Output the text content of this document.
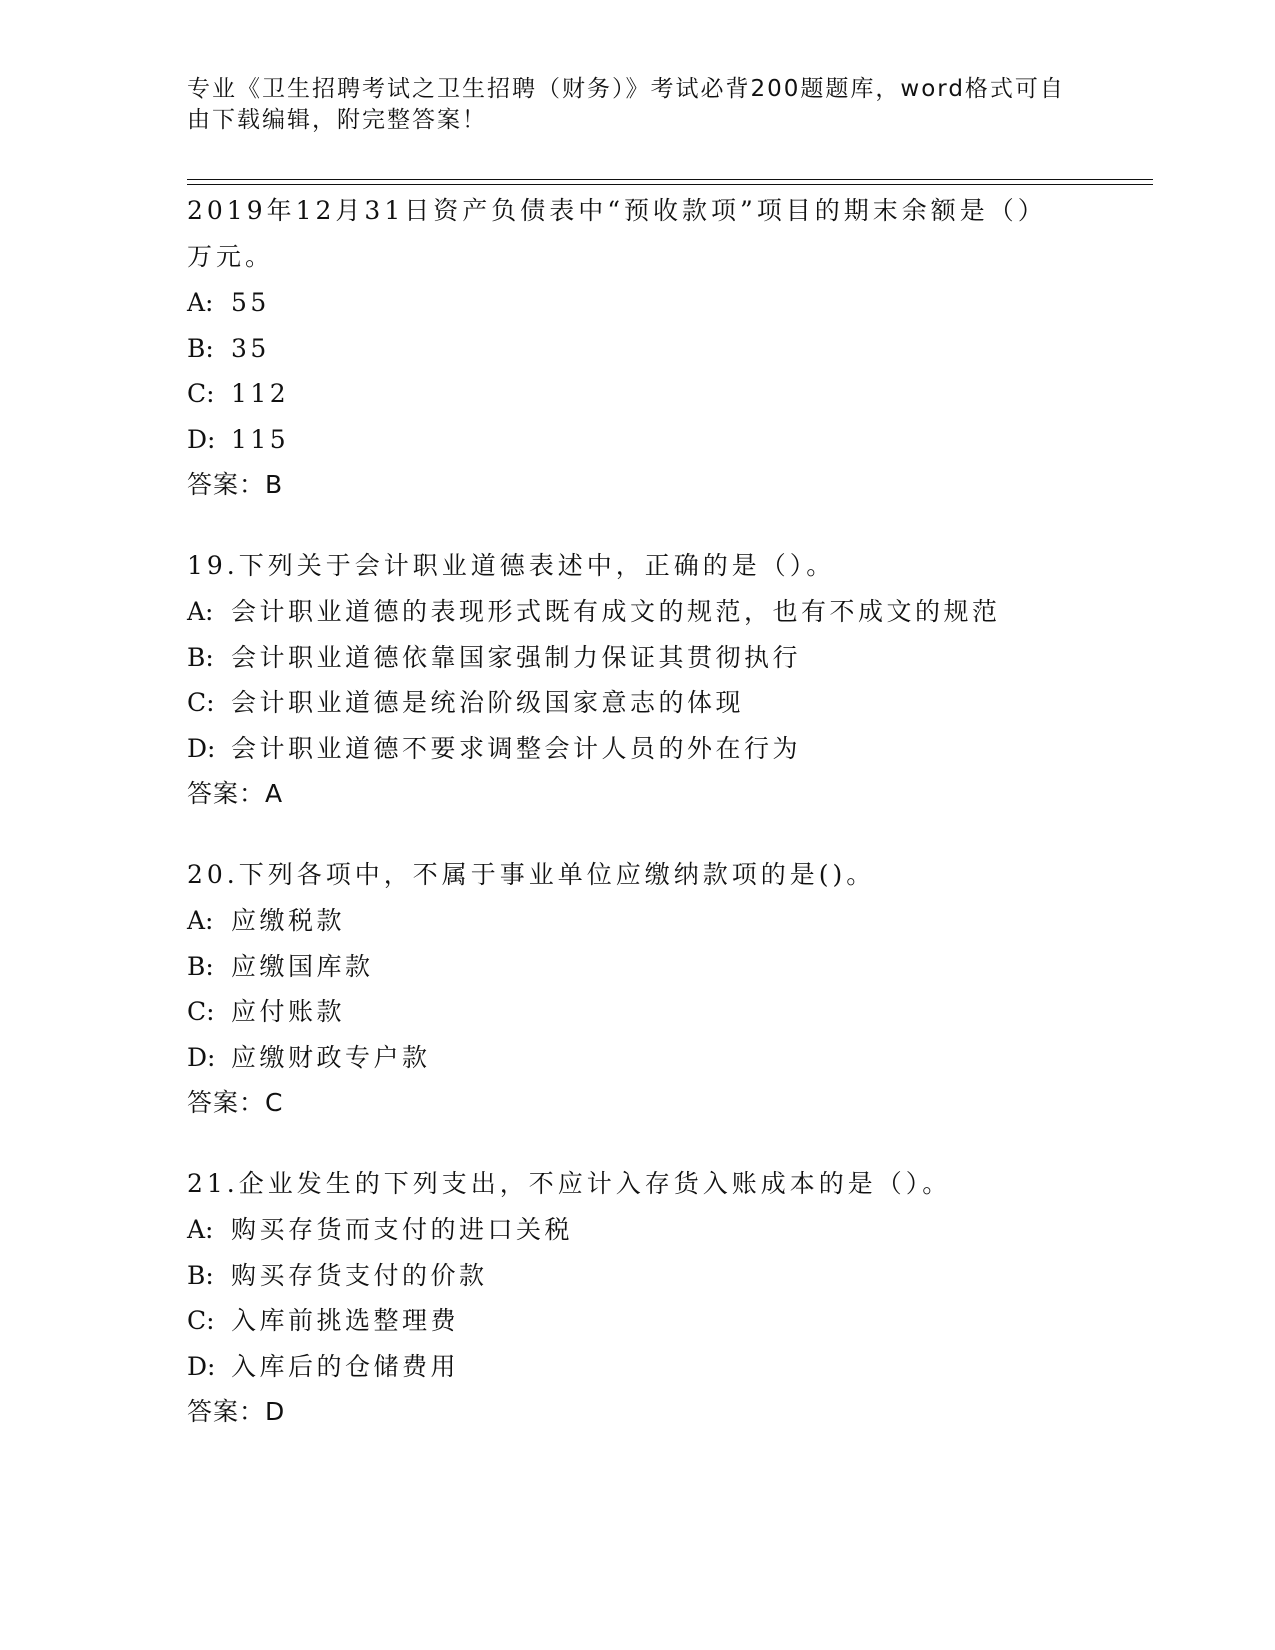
专业《卫生招聘考试之卫生招聘（财务）》考试必背200题题库，word格式可自
由下载编辑，附完整答案！

2019年12月31日资产负债表中“预收款项”项目的期末余额是（）万元。

A: 55

B: 35

C: 112

D: 115

答案：B

19.下列关于会计职业道德表述中，正确的是（）。

A: 会计职业道德的表现形式既有成文的规范，也有不成文的规范

B: 会计职业道德依靠国家强制力保证其贯彻执行

C: 会计职业道德是统治阶级国家意志的体现

D: 会计职业道德不要求调整会计人员的外在行为

答案：A

20.下列各项中，不属于事业单位应缴纳款项的是()。

A: 应缴税款

B: 应缴国库款

C: 应付账款

D: 应缴财政专户款

答案：C

21.企业发生的下列支出，不应计入存货入账成本的是（）。

A: 购买存货而支付的进口关税

B: 购买存货支付的价款

C: 入库前挑选整理费

D: 入库后的仓储费用

答案：D
